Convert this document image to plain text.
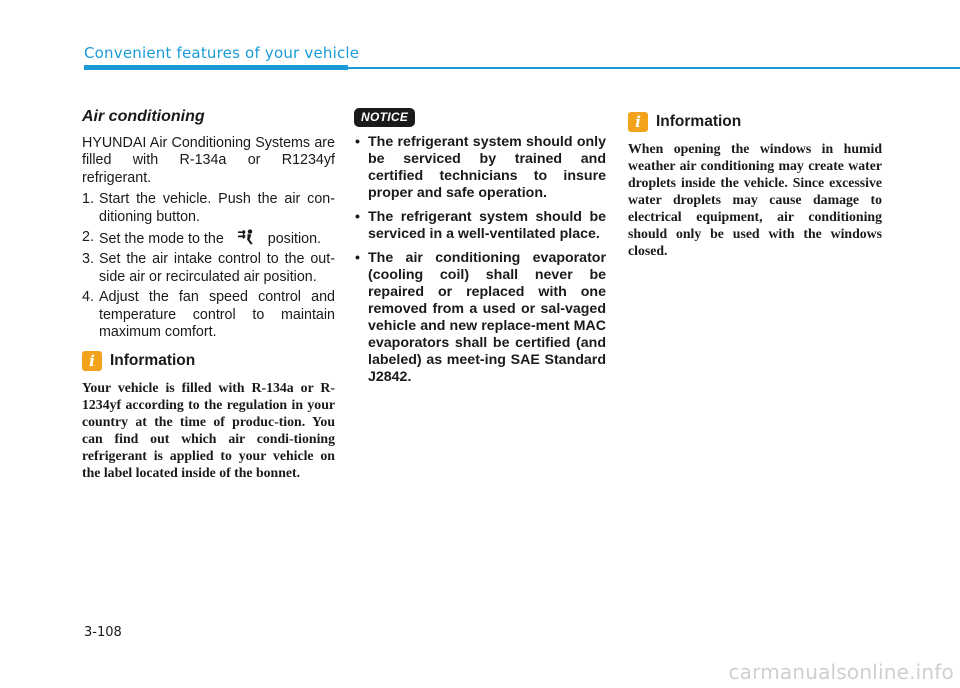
Convenient features of your vehicle
Air conditioning

HYUNDAI Air Conditioning Systems are filled with R-134a or R1234yf refrigerant.

1. Start the vehicle. Push the air con-ditioning button.
2. Set the mode to the	position.
3. Set the air intake control to the out-side air or recirculated air position.
4. Adjust the fan speed control and temperature control to maintain maximum comfort.
i Information

Your vehicle is filled with R-134a or R-1234yf according to the regulation in your country at the time of produc-tion. You can find out which air condi-tioning refrigerant is applied to your vehicle on the label located inside of the bonnet.

NOTICE
• The refrigerant system should only be serviced by trained and certified technicians to insure proper and safe operation.
• The refrigerant system should be serviced in a well-ventilated place.
• The air conditioning evaporator (cooling coil) shall never be repaired or replaced with one removed from a used or sal-vaged vehicle and new replace-ment MAC evaporators shall be certified (and labeled) as meet-ing SAE Standard J2842.
i Information

When opening the windows in humid weather air conditioning may create water droplets inside the vehicle. Since excessive water droplets may cause damage to electrical equipment, air conditioning should only be used with the windows closed.

3-108
carmanualsonline.info
